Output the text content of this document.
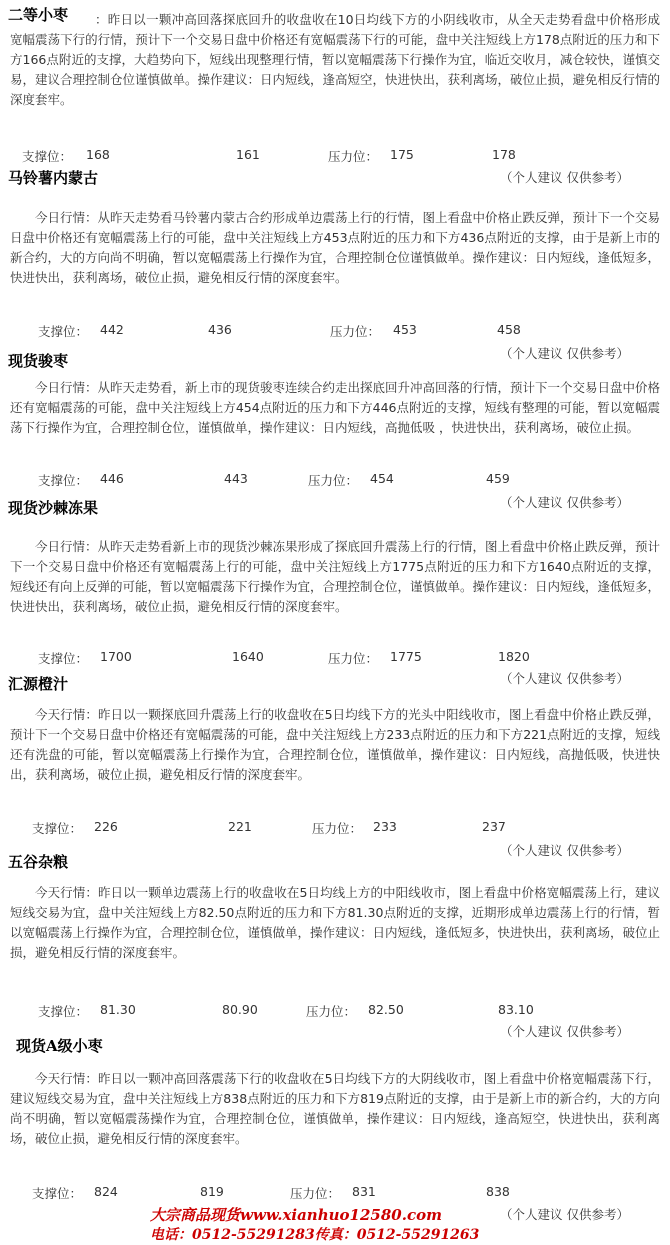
二等小枣	：昨日以一颗冲高回落探底回升的收盘收在10日均线下方的小阴线收市，从全天走势看盘中价格形成宽幅震荡下行的行情，预计下一个交易日盘中价格还有宽幅震荡下行的可能，盘中关注短线上方178点附近的压力和下方166点附近的支撑，大趋势向下，短线出现整理行情，暂以宽幅震荡下行操作为宜，临近交收月，减仓较快，谨慎交易，建议合理控制仓位谨慎做单。操作建议：日内短线，逢高短空，快进快出，获利离场，破位止损，避免相反行情的深度套牢。
支撑位： 168	161	压力位： 175	178
马铃薯内蒙古	（个人建议 仅供参考）
今日行情：从昨天走势看马铃薯内蒙古合约形成单边震荡上行的行情，图上看盘中价格止跌反弹，预计下一个交易日盘中价格还有宽幅震荡上行的可能，盘中关注短线上方453点附近的压力和下方436点附近的支撑，由于是新上市的新合约，大的方向尚不明确，暂以宽幅震荡上行操作为宜，合理控制仓位谨慎做单。操作建议：日内短线，逢低短多，快进快出，获利离场，破位止损，避免相反行情的深度套牢。
支撑位： 442	436	压力位： 453	458
现货骏枣	（个人建议 仅供参考）
今日行情：从昨天走势看，新上市的现货骏枣连续合约走出探底回升冲高回落的行情，预计下一个交易日盘中价格还有宽幅震荡的可能，盘中关注短线上方454点附近的压力和下方446点附近的支撑，短线有整理的可能，暂以宽幅震荡下行操作为宜，合理控制仓位，谨慎做单，操作建议：日内短线，高抛低吸 ，快进快出，获利离场，破位止损。
支撑位： 446	443	压力位： 454	459
现货沙棘冻果	（个人建议 仅供参考）
今日行情：从昨天走势看新上市的现货沙棘冻果形成了探底回升震荡上行的行情，图上看盘中价格止跌反弹，预计下一个交易日盘中价格还有宽幅震荡上行的可能，盘中关注短线上方1775点附近的压力和下方1640点附近的支撑，短线还有向上反弹的可能，暂以宽幅震荡下行操作为宜，合理控制仓位，谨慎做单。操作建议：日内短线，逢低短多，快进快出，获利离场，破位止损，避免相反行情的深度套牢。
支撑位： 1700	1640	压力位： 1775	1820
汇源橙汁	（个人建议 仅供参考）
今天行情：昨日以一颗探底回升震荡上行的收盘收在5日均线下方的光头中阳线收市，图上看盘中价格止跌反弹，预计下一个交易日盘中价格还有宽幅震荡的可能，盘中关注短线上方233点附近的压力和下方221点附近的支撑，短线还有洗盘的可能，暂以宽幅震荡上行操作为宜，合理控制仓位，谨慎做单，操作建议：日内短线，高抛低吸，快进快出，获利离场，破位止损，避免相反行情的深度套牢。
支撑位： 226	221	压力位： 233	237
五谷杂粮
（个人建议 仅供参考）
今天行情：昨日以一颗单边震荡上行的收盘收在5日均线上方的中阳线收市，图上看盘中价格宽幅震荡上行，建议短线交易为宜，盘中关注短线上方82.50点附近的压力和下方81.30点附近的支撑，近期形成单边震荡上行的行情，暂以宽幅震荡上行操作为宜，合理控制仓位，谨慎做单，操作建议：日内短线，逢低短多，快进快出，获利离场，破位止损，避免相反行情的深度套牢。
支撑位： 81.30	80.90	压力位： 82.50	83.10
现货A级小枣
（个人建议 仅供参考）
今天行情：昨日以一颗冲高回落震荡下行的收盘收在5日均线下方的大阴线收市，图上看盘中价格宽幅震荡下行，建议短线交易为宜，盘中关注短线上方838点附近的压力和下方819点附近的支撑，由于是新上市的新合约，大的方向尚不明确，暂以宽幅震荡操作为宜，合理控制仓位，谨慎做单，操作建议：日内短线，逢高短空，快进快出，获利离场，破位止损，避免相反行情的深度套牢。
支撑位： 824	819	压力位： 831	838
（个人建议 仅供参考）
大宗商品现货www.xianhuo12580.com
电话：0512-55291283传真：0512-55291263
